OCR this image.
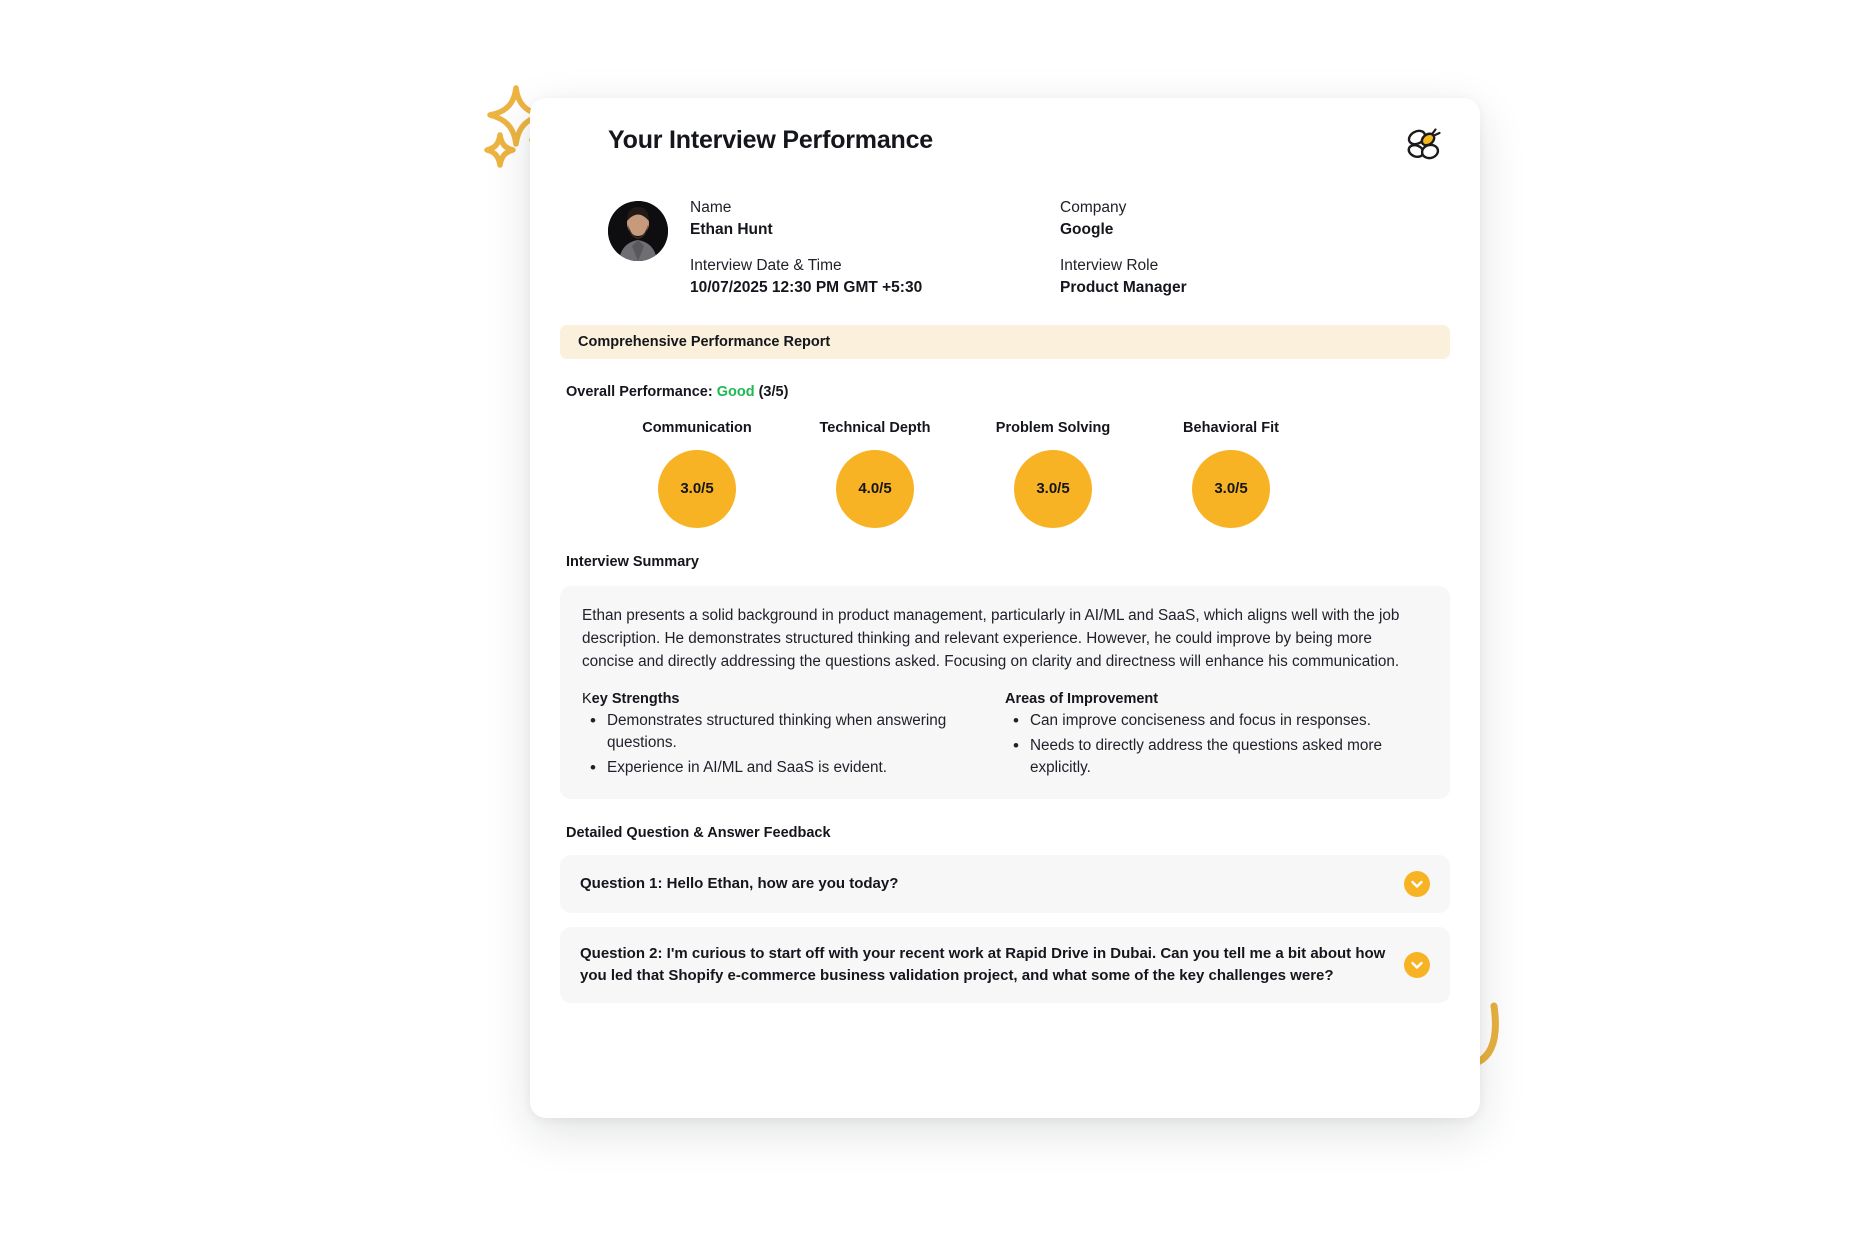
Your Interview Performance
Name
Ethan Hunt
Interview Date & Time
10/07/2025 12:30 PM GMT +5:30
Company
Google
Interview Role
Product Manager
Comprehensive Performance Report
Overall Performance: Good (3/5)
Communication
3.0/5
Technical Depth
4.0/5
Problem Solving
3.0/5
Behavioral Fit
3.0/5
Interview Summary
Ethan presents a solid background in product management, particularly in AI/ML and SaaS, which aligns well with the job description. He demonstrates structured thinking and relevant experience. However, he could improve by being more concise and directly addressing the questions asked. Focusing on clarity and directness will enhance his communication.
Key Strengths
• Demonstrates structured thinking when answering questions.
• Experience in AI/ML and SaaS is evident.
Areas of Improvement
• Can improve conciseness and focus in responses.
• Needs to directly address the questions asked more explicitly.
Detailed Question & Answer Feedback
Question 1: Hello Ethan, how are you today?
Question 2: I'm curious to start off with your recent work at Rapid Drive in Dubai. Can you tell me a bit about how you led that Shopify e-commerce business validation project, and what some of the key challenges were?
